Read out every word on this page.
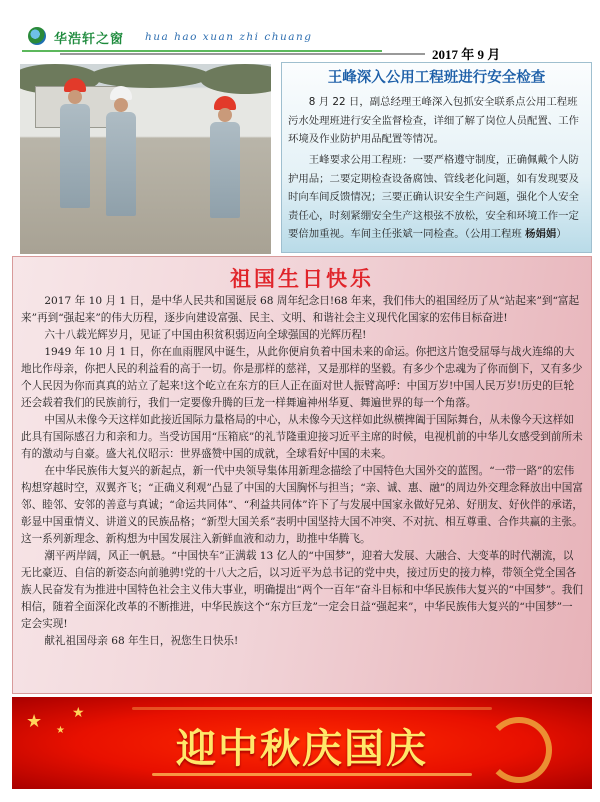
华浩轩之窗 hua hao xuan zhi chuang
2017 年 9 月
王峰深入公用工程班进行安全检查

8 月 22 日，副总经理王峰深入包抓安全联系点公用工程班污水处理班进行安全监督检查，详细了解了岗位人员配置、工作环境及作业防护用品配置等情况。

王峰要求公用工程班：一要严格遵守制度，正确佩戴个人防护用品；二要定期检查设备腐蚀、管线老化问题，如有发现要及时向车间反馈情况；三要正确认识安全生产问题，强化个人安全责任心，时刻紧绷安全生产这根弦不放松，安全和环境工作一定要倍加重视。车间主任张斌一同检查。（公用工程班 杨娟娟）

祖国生日快乐

2017 年 10 月 1 日，是中华人民共和国诞辰 68 周年纪念日!68 年来，我们伟大的祖国经历了从“站起来”到“富起来”再到“强起来”的伟大历程，逐步向建设富强、民主、文明、和谐社会主义现代化国家的宏伟目标奋进!

六十八载光辉岁月，见证了中国由积贫积弱迈向全球强国的光辉历程!

1949 年 10 月 1 日，你在血雨腥风中诞生，从此你便肩负着中国未来的命运。你把这片饱受屈辱与战火连绵的大地比作母亲，你把人民的利益看的高于一切。你是那样的慈祥，又是那样的坚毅。有多少个忠魂为了你而倒下，又有多少个人民因为你而真真的站立了起来!这个屹立在东方的巨人正在面对世人振臂高呼：中国万岁!中国人民万岁!历史的巨轮还会载着我们的民族前行，我们一定要像升腾的巨龙一样舞遍神州华夏、舞遍世界的每一个角落。

中国从未像今天这样如此接近国际力量格局的中心，从未像今天这样如此纵横捭阖于国际舞台，从未像今天这样如此具有国际感召力和亲和力。当受访国用“压箱底”的礼节隆重迎接习近平主席的时候，电视机前的中华儿女感受到前所未有的激动与自豪。盛大礼仪昭示：世界盛赞中国的成就，全球看好中国的未来。

在中华民族伟大复兴的新起点，新一代中央领导集体用新理念描绘了中国特色大国外交的蓝图。“一带一路”的宏伟构想穿越时空，双翼齐飞；“正确义利观”凸显了中国的大国胸怀与担当；“亲、诚、惠、融”的周边外交理念释放出中国富邻、睦邻、安邻的善意与真诚；“命运共同体”、“利益共同体”许下了与发展中国家永做好兄弟、好朋友、好伙伴的承诺，彰显中国重情义、讲道义的民族品格；“新型大国关系”表明中国坚持大国不冲突、不对抗、相互尊重、合作共赢的主张。这一系列新理念、新构想为中国发展注入新鲜血液和动力，助推中华腾飞。

潮平两岸阔，风正一帆悬。“中国快车”正满载 13 亿人的“中国梦”，迎着大发展、大融合、大变革的时代潮流，以无比豪迈、自信的新姿态向前驰骋!党的十八大之后，以习近平为总书记的党中央，接过历史的接力棒，带领全党全国各族人民奋发有为推进中国特色社会主义伟大事业，明确提出“两个一百年”奋斗目标和中华民族伟大复兴的“中国梦”。我们相信，随着全面深化改革的不断推进，中华民族这个“东方巨龙”一定会日益“强起来”，中华民族伟大复兴的“中国梦”一定会实现!

献礼祖国母亲 68 年生日，祝您生日快乐!

★ ★
★	迎中秋庆国庆
